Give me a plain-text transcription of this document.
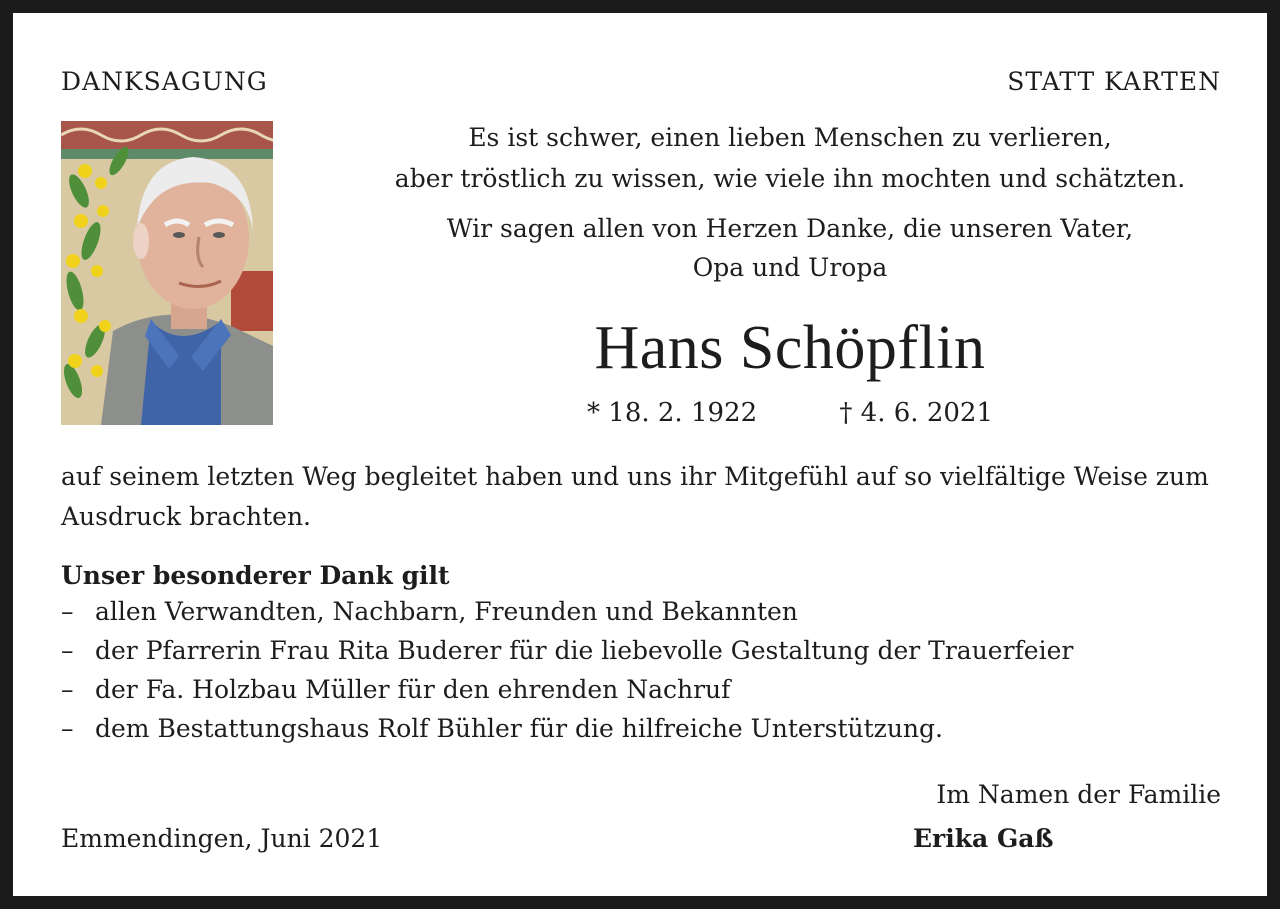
DANKSAGUNG	STATT KARTEN
Es ist schwer, einen lieben Menschen zu verlieren,
aber tröstlich zu wissen, wie viele ihn mochten und schätzten.
Wir sagen allen von Herzen Danke, die unseren Vater,
Opa und Uropa
Hans Schöpflin
* 18. 2. 1922	† 4. 6. 2021
auf seinem letzten Weg begleitet haben und uns ihr Mitgefühl auf so vielfältige Weise zum Ausdruck brachten.
Unser besonderer Dank gilt
– allen Verwandten, Nachbarn, Freunden und Bekannten
– der Pfarrerin Frau Rita Buderer für die liebevolle Gestaltung der Trauerfeier
– der Fa. Holzbau Müller für den ehrenden Nachruf
– dem Bestattungshaus Rolf Bühler für die hilfreiche Unterstützung.
Im Namen der Familie
Erika Gaß
Emmendingen, Juni 2021
